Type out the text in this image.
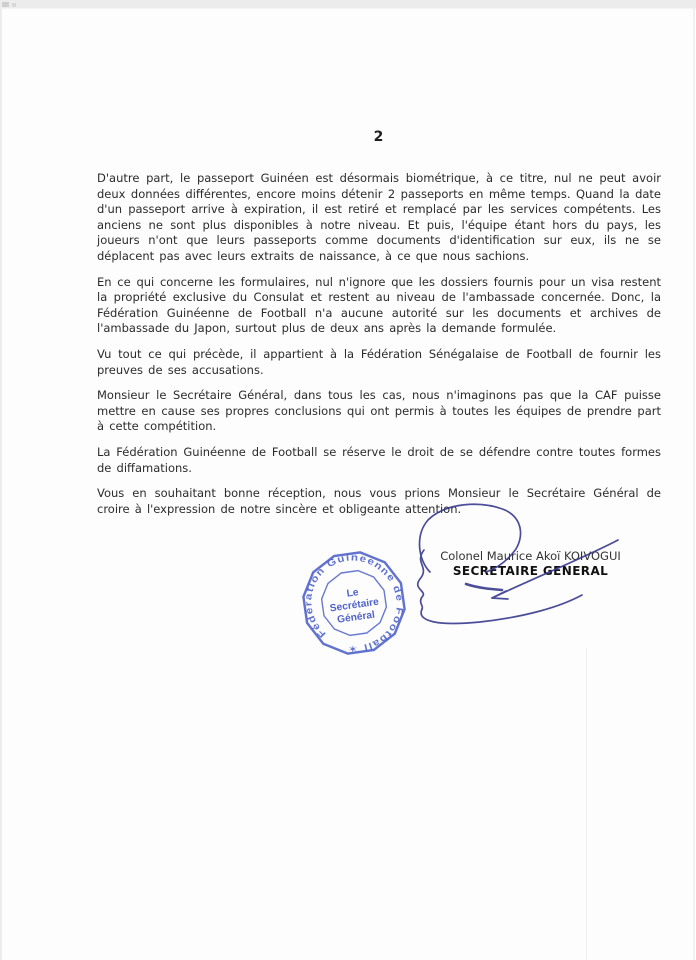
2

D'autre part, le passeport Guinéen est désormais biométrique, à ce titre, nul ne peut avoir deux données différentes, encore moins détenir 2 passeports en même temps. Quand la date d'un passeport arrive à expiration, il est retiré et remplacé par les services compétents. Les anciens ne sont plus disponibles à notre niveau. Et puis, l'équipe étant hors du pays, les joueurs n'ont que leurs passeports comme documents d'identification sur eux, ils ne se déplacent pas avec leurs extraits de naissance, à ce que nous sachions.

En ce qui concerne les formulaires, nul n'ignore que les dossiers fournis pour un visa restent la propriété exclusive du Consulat et restent au niveau de l'ambassade concernée. Donc, la Fédération Guinéenne de Football n'a aucune autorité sur les documents et archives de l'ambassade du Japon, surtout plus de deux ans après la demande formulée.

Vu tout ce qui précède, il appartient à la Fédération Sénégalaise de Football de fournir les preuves de ses accusations.

Monsieur le Secrétaire Général, dans tous les cas, nous n'imaginons pas que la CAF puisse mettre en cause ses propres conclusions qui ont permis à toutes les équipes de prendre part à cette compétition.

La Fédération Guinéenne de Football se réserve le droit de se défendre contre toutes formes de diffamations.

Vous en souhaitant bonne réception, nous vous prions Monsieur le Secrétaire Général de croire à l'expression de notre sincère et obligeante attention.

Colonel Maurice Akoï KOIVOGUI
SECRETAIRE GENERAL
Fédération Guineenne de Football ✶
Le
Secrétaire
Général
